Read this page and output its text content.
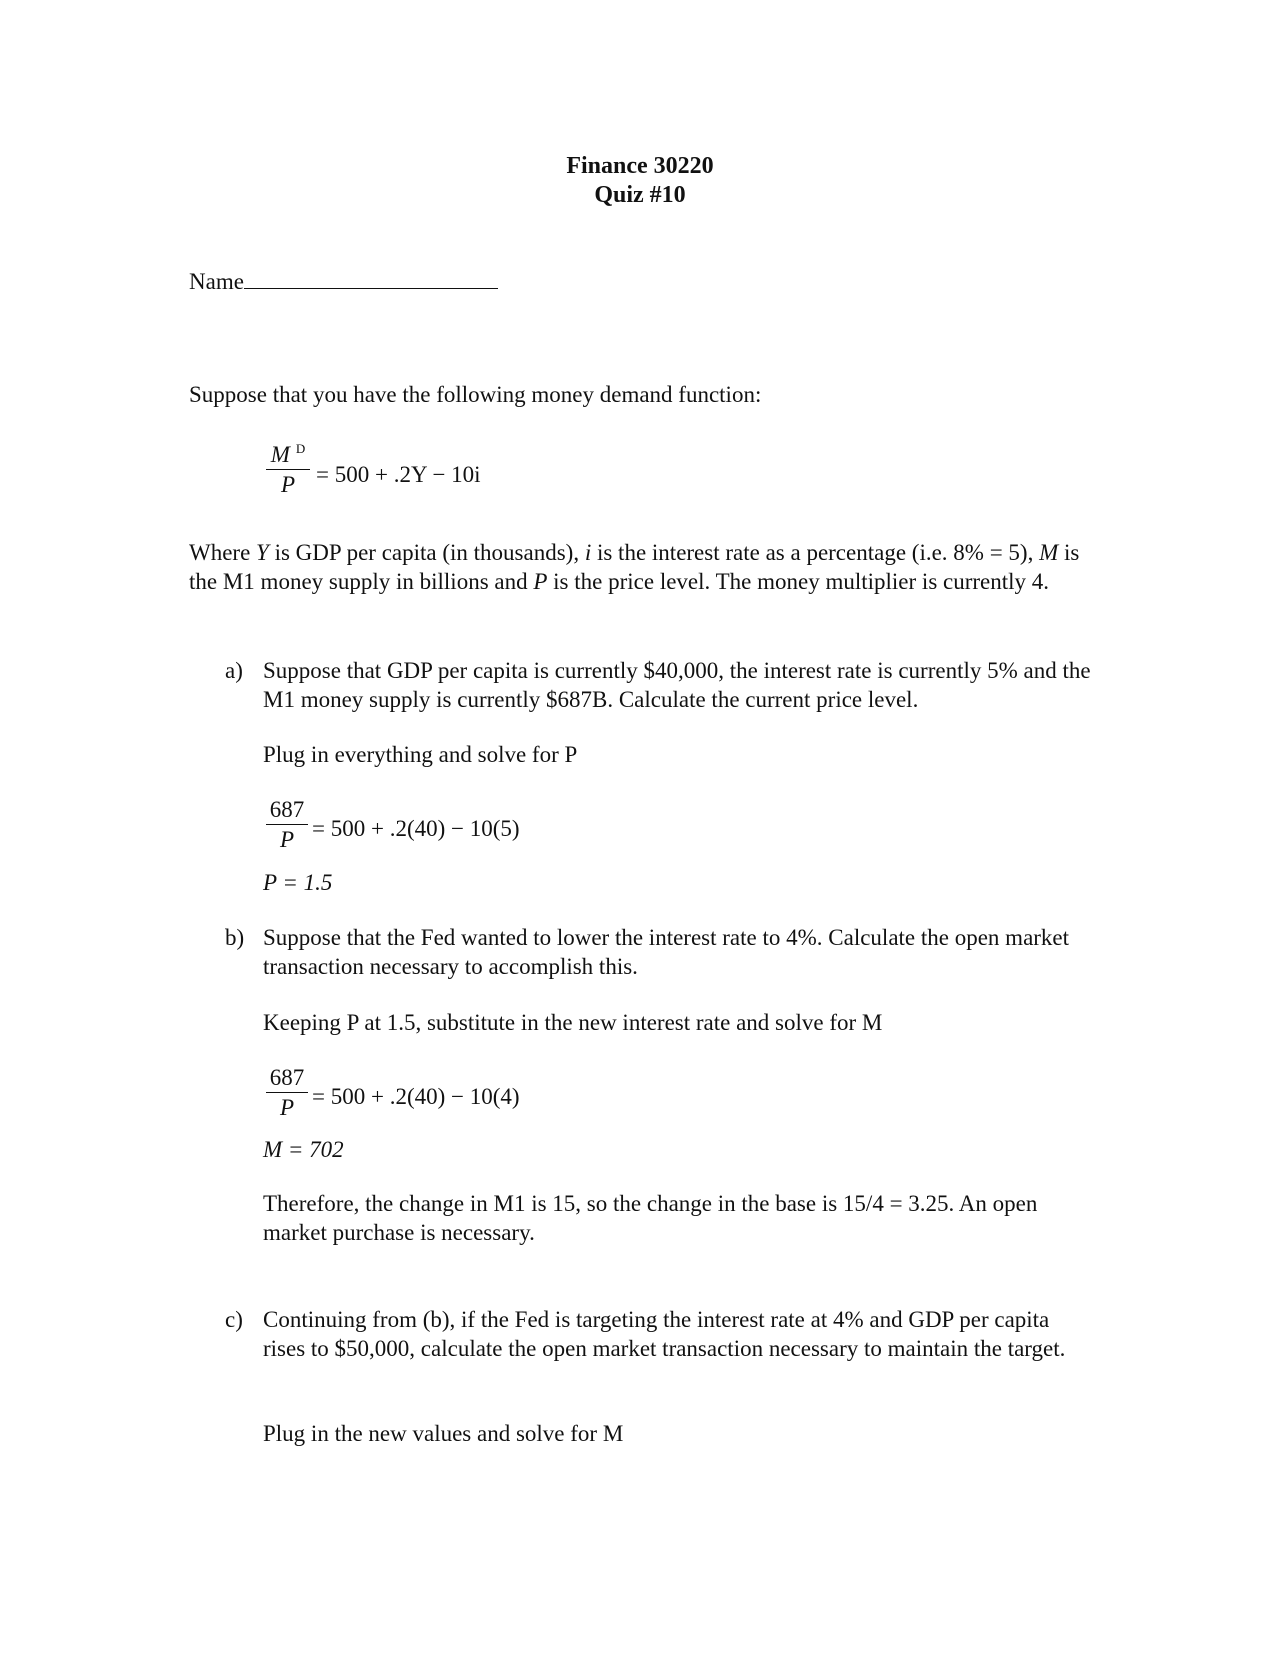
Finance 30220
Quiz #10
Name
Suppose that you have the following money demand function:
$\frac{M ^D}{P} = 500 + .2Y - 10i$
Where Y is GDP per capita (in thousands), i is the interest rate as a percentage (i.e. 8% = 5), M is the M1 money supply in billions and P is the price level. The money multiplier is currently 4.
a) Suppose that GDP per capita is currently $40,000, the interest rate is currently 5% and the M1 money supply is currently $687B. Calculate the current price level.
Plug in everything and solve for P
$\frac{687}{P} = 500 + .2(40) - 10(5)$
P = 1.5
b) Suppose that the Fed wanted to lower the interest rate to 4%. Calculate the open market transaction necessary to accomplish this.
Keeping P at 1.5, substitute in the new interest rate and solve for M
$\frac{687}{P} = 500 + .2(40) - 10(4)$
M = 702
Therefore, the change in M1 is 15, so the change in the base is 15/4 = 3.25. An open market purchase is necessary.
c) Continuing from (b), if the Fed is targeting the interest rate at 4% and GDP per capita rises to $50,000, calculate the open market transaction necessary to maintain the target.
Plug in the new values and solve for M
